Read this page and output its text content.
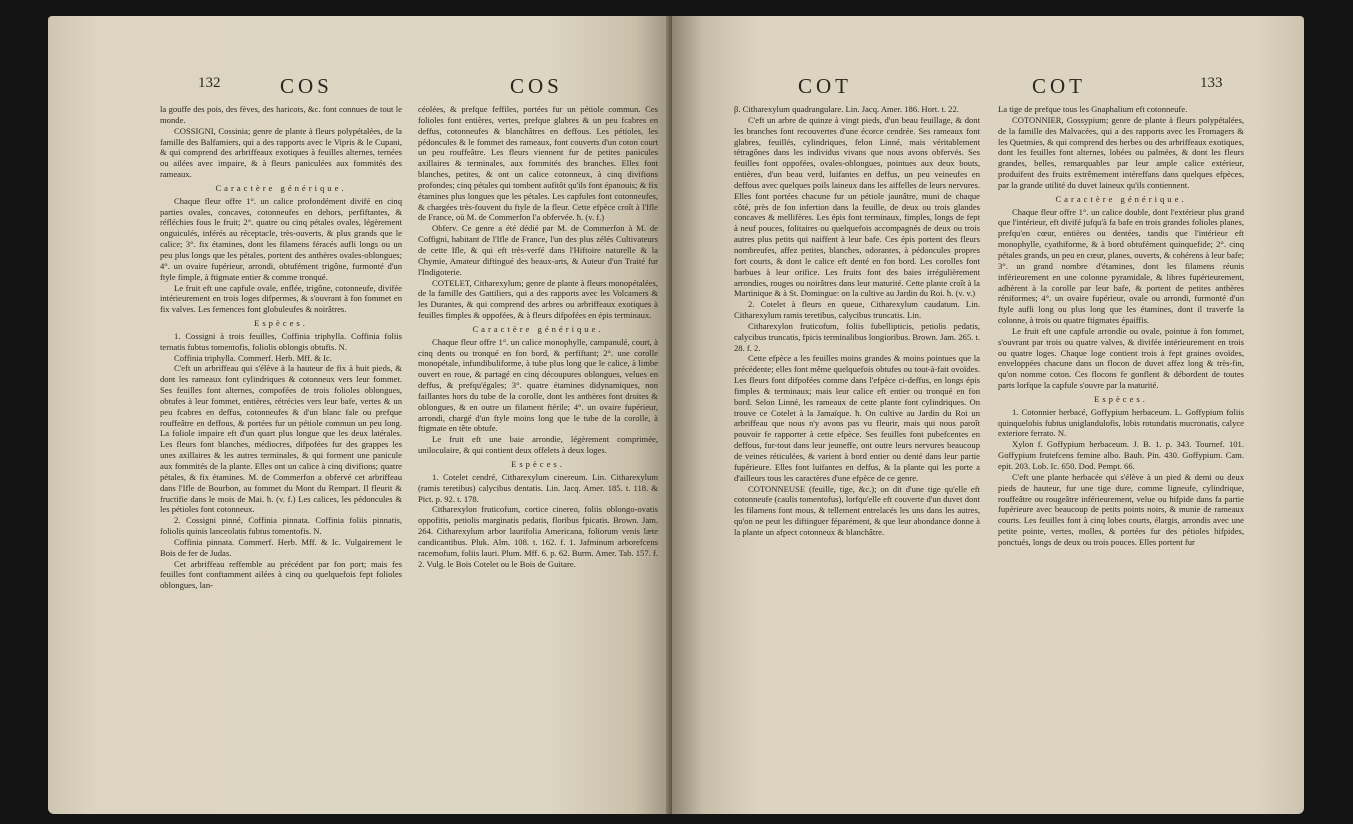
132	COS	COS

la gouffe des pois, des fèves, des haricots, &c. font connues de tout le monde.

COSSIGNI, Cossinia; genre de plante à fleurs polypétalées, de la famille des Balfamiers, qui a des rapports avec le Vipris & le Cupani, & qui comprend des arbriffeaux exotiques à feuilles alternes, ternées ou ailées avec impaire, & à fleurs paniculées aux fommités des rameaux.

Caractère générique.

Chaque fleur offre 1°. un calice profondément divifé en cinq parties ovales, concaves, cotonneufes en dehors, perfiftantes, & réfléchies fous le fruit; 2°. quatre ou cinq pétales ovales, légèrement onguiculés, inférés au réceptacle, très-ouverts, & plus grands que le calice; 3°. fix étamines, dont les filamens féracés aufli longs ou un peu plus longs que les pétales, portent des anthères ovales-oblongues; 4°. un ovaire fupérieur, arrondi, obtufément trigône, furmonté d'un ftyle fimple, à ftigmate entier & comme tronqué.

Le fruit eft une capfule ovale, enflée, trigône, cotonneufe, divifée intérieurement en trois loges difpermes, & s'ouvrant à fon fommet en fix valves. Les femences font globuleufes & noirâtres.

Espèces.

1. Cossigni à trois feuilles, Coffinia triphylla. Coffinia foliis ternatis fubtus tomentofis, foliolis oblongis obtufis. N.

Coffinia triphylla. Commerf. Herb. Mff. & Ic.

C'eft un arbriffeau qui s'élève à la hauteur de fix à huit pieds, & dont les rameaux font cylindriques & cotonneux vers leur fommet. Ses feuilles font alternes, compofées de trois folioles oblongues, obtufes à leur fommet, entières, rétrécies vers leur bafe, vertes & un peu fcabres en deffus, cotonneufes & d'un blanc fale ou prefque rouffeâtre en deffous, & portées fur un pétiole commun un peu long. La foliole impaire eft d'un quart plus longue que les deux latérales. Les fleurs font blanches, médiocres, difpofées fur des grappes les unes axillaires & les autres terminales, & qui forment une panicule aux fommités de la plante. Elles ont un calice à cinq divifions; quatre pétales, & fix étamines. M. de Commerfon a obfervé cet arbriffeau dans l'Ifle de Bourbon, au fommet du Mont du Rempart. Il fleurit & fructifie dans le mois de Mai. ħ. (v. f.) Les calices, les pédoncules & les pétioles font cotonneux.

2. Cossigni pinné, Coffinia pinnata. Coffinia foliis pinnatis, foliolis quinis lanceolatis fubtus tomentofis. N.

Coffinia pinnata. Commerf. Herb. Mff. & Ic. Vulgairement le Bois de fer de Judas.

Cet arbriffeau reffemble au précédent par fon port; mais fes feuilles font conftamment ailées à cinq ou quelquefois fept folioles oblongues, lan-

céolées, & prefque feffiles, portées fur un pétiole commun. Ces folioles font entières, vertes, prefque glabres & un peu fcabres en deffus, cotonneufes & blanchâtres en deffous. Les pétioles, les pédoncules & le fommet des rameaux, font couverts d'un coton court un peu rouffeâtre. Les fleurs viennent fur de petites panicules axillaires & terminales, aux fommités des branches. Elles font blanches, petites, & ont un calice cotonneux, à cinq divifions profondes; cinq pétales qui tombent aufitôt qu'ils font épanouis; & fix étamines plus longues que les pétales. Les capfules font cotonneufes, & chargées très-fouvent du ftyle de la fleur. Cette efpèce croît à l'Ifle de France, où M. de Commerfon l'a obfervée. ħ. (v. f.)

Obferv. Ce genre a été dédié par M. de Commerfon à M. de Coffigni, habitant de l'Ifle de France, l'un des plus zélés Cultivateurs de cette Ifle, & qui eft très-verfé dans l'Hiftoire naturelle & la Chymie, Amateur diftingué des beaux-arts, & Auteur d'un Traité fur l'Indigoterie.

COTELET, Citharexylum; genre de plante à fleurs monopétalées, de la famille des Gattiliers, qui a des rapports avec les Volcamers & les Durantes, & qui comprend des arbres ou arbriffeaux exotiques à feuilles fimples & oppofées, & à fleurs difpofées en épis terminaux.

Caractère générique.

Chaque fleur offre 1°. un calice monophylle, campanulé, court, à cinq dents ou tronqué en fon bord, & perfiftant; 2°. une corolle monopétale, infundibuliforme, à tube plus long que le calice, à limbe ouvert en roue, & partagé en cinq découpures oblongues, velues en deffus, & prefqu'égales; 3°. quatre étamines didynamiques, non faillantes hors du tube de la corolle, dont les anthères font droites & oblongues, & en outre un filament ftérile; 4°. un ovaire fupérieur, arrondi, chargé d'un ftyle moins long que le tube de la corolle, à ftigmate en tête obtufe.

Le fruit eft une baie arrondie, légèrement comprimée, uniloculaire, & qui contient deux offelets à deux loges.

Espèces.

1. Cotelet cendré, Citharexylum cinereum. Lin. Citharexylum (ramis teretibus) calycibus dentatis. Lin. Jacq. Amer. 185. t. 118. & Pict. p. 92. t. 178.

Citharexylon fruticofum, cortice cinereo, foliis oblongo-ovatis oppofitis, petiolis marginatis pedatis, floribus fpicatis. Brown. Jam. 264. Citharexylum arbor laurifolia Americana, foliorum venis læte candicantibus. Pluk. Alm. 108. t. 162. f. 1. Jafminum arborefcens racemofum, foliis lauri. Plum. Mff. 6. p. 62. Burm. Amer. Tab. 157. f. 2. Vulg. le Bois Cotelet ou le Bois de Guitare.

COT	COT	133

β. Citharexylum quadrangulare. Lin. Jacq. Amer. 186. Hort. t. 22.

C'eft un arbre de quinze à vingt pieds, d'un beau feuillage, & dont les branches font recouvertes d'une écorce cendrée. Ses rameaux font glabres, feuillés, cylindriques, felon Linné, mais véritablement tétragônes dans les individus vivans que nous avons obfervés. Ses feuilles font oppofées, ovales-oblongues, pointues aux deux bouts, entières, d'un beau verd, luifantes en deffus, un peu veineufes en deffous avec quelques poils laineux dans les aiffelles de leurs nervures. Elles font portées chacune fur un pétiole jaunâtre, muni de chaque côté, près de fon infertion dans la feuille, de deux ou trois glandes concaves & mellifères. Les épis font terminaux, fimples, longs de fept à neuf pouces, folitaires ou quelquefois accompagnés de deux ou trois autres plus petits qui naiffent à leur bafe. Ces épis portent des fleurs nombreufes, affez petites, blanches, odorantes, à pédoncules propres fort courts, & dont le calice eft denté en fon bord. Les corolles font barbues à leur orifice. Les fruits font des baies irrégulièrement arrondies, rouges ou noirâtres dans leur maturité. Cette plante croît à la Martinique & à St. Domingue: on la cultive au Jardin du Roi. ħ. (v. v.)

2. Cotelet à fleurs en queue, Citharexylum caudatum. Lin. Citharexylum ramis teretibus, calycibus truncatis. Lin.

Citharexylon fruticofum, foliis fubellipticis, petiolis pedatis, calycibus truncatis, fpicis terminalibus longioribus. Brown. Jam. 265. t. 28. f. 2.

Cette efpèce a les feuilles moins grandes & moins pointues que la précédente; elles font même quelquefois obtufes ou tout-à-fait ovoïdes. Les fleurs font difpofées comme dans l'efpèce ci-deffus, en longs épis fimples & terminaux; mais leur calice eft entier ou tronqué en fon bord. Selon Linné, les rameaux de cette plante font cylindriques. On trouve ce Cotelet à la Jamaïque. ħ. On cultive au Jardin du Roi un arbriffeau que nous n'y avons pas vu fleurir, mais qui nous paroît pouvoir fe rapporter à cette efpèce. Ses feuilles font pubefcentes en deffous, fur-tout dans leur jeuneffe, ont outre leurs nervures beaucoup de veines réticulées, & varient à bord entier ou denté dans leur partie fupérieure. Elles font luifantes en deffus, & la plante qui les porte a d'ailleurs tous les caractères d'une efpèce de ce genre.

COTONNEUSE (feuille, tige, &c.); on dit d'une tige qu'elle eft cotonneufe (caulis tomentofus), lorfqu'elle eft couverte d'un duvet dont les filamens font mous, & tellement entrelacés les uns dans les autres, qu'on ne peut les diftinguer féparément, & que leur abondance donne à la plante un afpect cotonneux & blanchâtre.

La tige de prefque tous les Gnaphalium eft cotonneufe.

COTONNIER, Gossypium; genre de plante à fleurs polypétalées, de la famille des Malvacées, qui a des rapports avec les Fromagers & les Quetmies, & qui comprend des herbes ou des arbriffeaux exotiques, dont les feuilles font alternes, lobées ou palmées, & dont les fleurs grandes, belles, remarquables par leur ample calice extérieur, produifent des fruits extrêmement intéreffans dans quelques efpèces, par la grande utilité du duvet laineux qu'ils contiennent.

Caractère générique.

Chaque fleur offre 1°. un calice double, dont l'extérieur plus grand que l'intérieur, eft divifé jufqu'à fa bafe en trois grandes folioles planes, prefqu'en cœur, entières ou dentées, tandis que l'intérieur eft monophylle, cyathiforme, & à bord obtufément quinquefide; 2°. cinq pétales grands, un peu en cœur, planes, ouverts, & cohérens à leur bafe; 3°. un grand nombre d'étamines, dont les filamens réunis inférieurement en une colonne pyramidale, & libres fupérieurement, adhèrent à la corolle par leur bafe, & portent de petites anthères réniformes; 4°. un ovaire fupérieur, ovale ou arrondi, furmonté d'un ftyle aufli long ou plus long que les étamines, dont il traverfe la colonne, à trois ou quatre ftigmates épaiffis.

Le fruit eft une capfule arrondie ou ovale, pointue à fon fommet, s'ouvrant par trois ou quatre valves, & divifée intérieurement en trois ou quatre loges. Chaque loge contient trois à fept graines ovoïdes, enveloppées chacune dans un flocon de duvet affez long & très-fin, qu'on nomme coton. Ces flocons fe gonflent & débordent de toutes parts lorfque la capfule s'ouvre par la maturité.

Espèces.

1. Cotonnier herbacé, Goffypium herbaceum. L. Goffypium foliis quinquelobis fubtus uniglandulofis, lobis rotundatis mucronatis, calyce exteriore ferrato. N.

Xylon f. Goffypium herbaceum. J. B. 1. p. 343. Tournef. 101. Goffypium frutefcens femine albo. Bauh. Pin. 430. Goffypium. Cam. epit. 203. Lob. Ic. 650. Dod. Pempt. 66.

C'eft une plante herbacée qui s'élève à un pied & demi ou deux pieds de hauteur, fur une tige dure, comme ligneufe, cylindrique, rouffeâtre ou rougeâtre inférieurement, velue ou hifpide dans fa partie fupérieure avec beaucoup de petits points noirs, & munie de rameaux courts. Les feuilles font à cinq lobes courts, élargis, arrondis avec une petite pointe, vertes, molles, & portées fur des pétioles hifpides, ponctués, longs de deux ou trois pouces. Elles portent fur
